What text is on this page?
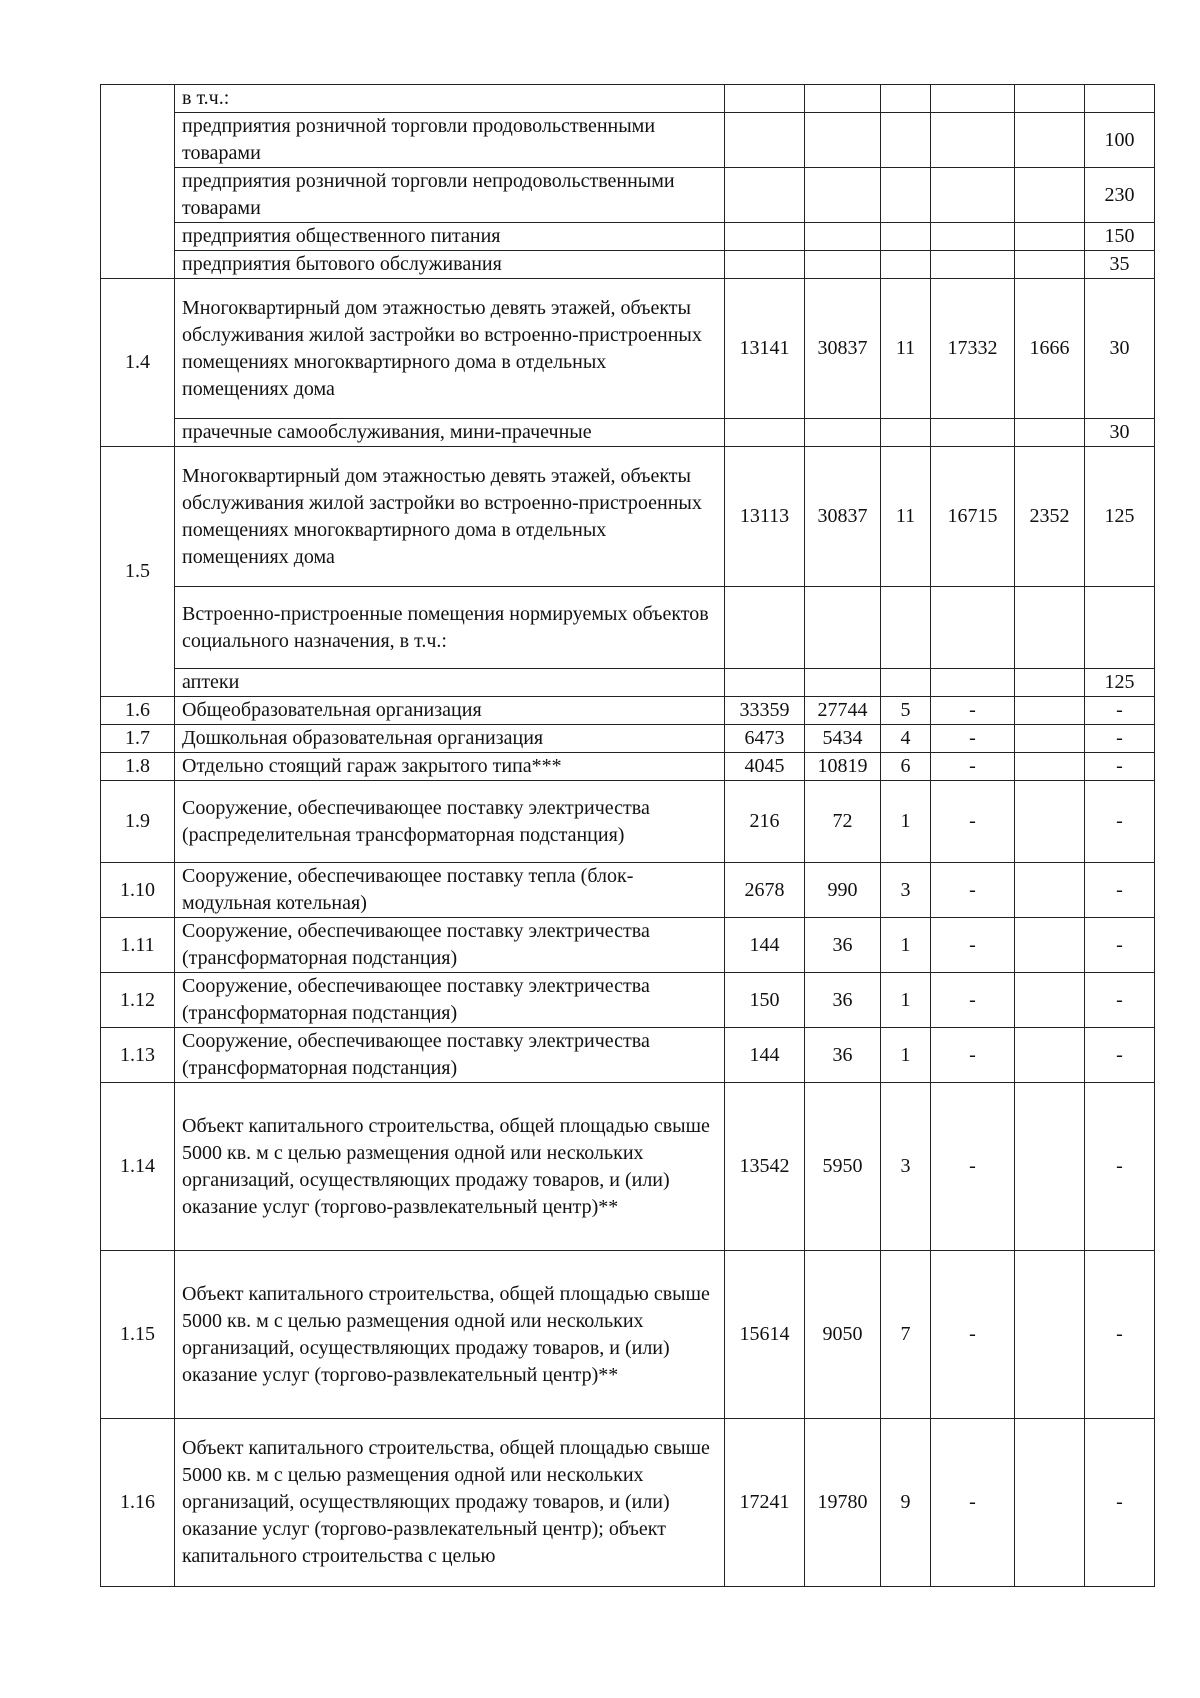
	в т.ч.:						
	предприятия розничной торговли продовольственными товарами						100
	предприятия розничной торговли непродовольственными товарами						230
	предприятия общественного питания						150
	предприятия бытового обслуживания						35
1.4	Многоквартирный дом этажностью девять этажей, объекты обслуживания жилой застройки во встроенно-пристроенных помещениях многоквартирного дома в отдельных помещениях дома	13141	30837	11	17332	1666	30
	прачечные самообслуживания, мини-прачечные						30
1.5	Многоквартирный дом этажностью девять этажей, объекты обслуживания жилой застройки во встроенно-пристроенных помещениях многоквартирного дома в отдельных помещениях дома	13113	30837	11	16715	2352	125
	Встроенно-пристроенные помещения нормируемых объектов социального назначения, в т.ч.:						
	аптеки						125
1.6	Общеобразовательная организация	33359	27744	5	-		-
1.7	Дошкольная образовательная организация	6473	5434	4	-		-
1.8	Отдельно стоящий гараж закрытого типа***	4045	10819	6	-		-
1.9	Сооружение, обеспечивающее поставку электричества (распределительная трансформаторная подстанция)	216	72	1	-		-
1.10	Сооружение, обеспечивающее поставку тепла (блок-модульная котельная)	2678	990	3	-		-
1.11	Сооружение, обеспечивающее поставку электричества (трансформаторная подстанция)	144	36	1	-		-
1.12	Сооружение, обеспечивающее поставку электричества (трансформаторная подстанция)	150	36	1	-		-
1.13	Сооружение, обеспечивающее поставку электричества (трансформаторная подстанция)	144	36	1	-		-
1.14	Объект капитального строительства, общей площадью свыше 5000 кв. м с целью размещения одной или нескольких организаций, осуществляющих продажу товаров, и (или) оказание услуг (торгово-развлекательный центр)**	13542	5950	3	-		-
1.15	Объект капитального строительства, общей площадью свыше 5000 кв. м с целью размещения одной или нескольких организаций, осуществляющих продажу товаров, и (или) оказание услуг (торгово-развлекательный центр)**	15614	9050	7	-		-
1.16	Объект капитального строительства, общей площадью свыше 5000 кв. м с целью размещения одной или нескольких организаций, осуществляющих продажу товаров, и (или) оказание услуг (торгово-развлекательный центр); объект капитального строительства с целью	17241	19780	9	-		-
